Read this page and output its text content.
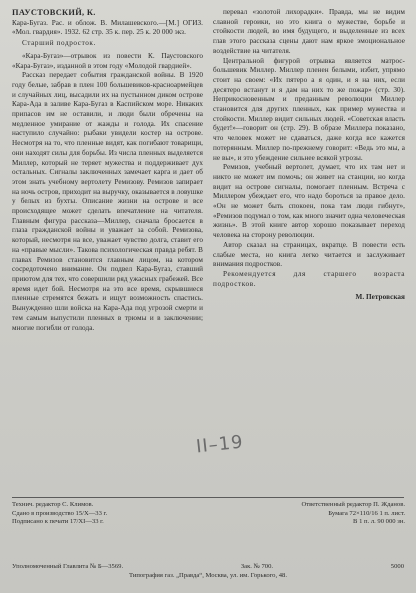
ПАУСТОВСКИЙ, К.

Кара-Бугаз. Рас. и облож. В. Милашевского.—[М.] ОГИЗ. «Мол. гвардия». 1932. 62 стр. 35 к. пер. 25 к. 20 000 экз.

Старший подросток.

«Кара-Бугаз»—отрывок из повести К. Паустовского «Кара-Бугаз», изданной в этом году «Молодой гвардией».

Рассказ передает события гражданской войны. В 1920 году белые, забрав в плен 100 большевиков-красноармейцев и случайных лиц, высадили их на пустынном диком острове Кара-Ада в заливе Кара-Бугаз в Каспийском море. Никаких припасов им не оставили, и люди были обречены на медленное умирание от жажды и голода. Их спасение наступило случайно: рыбаки увидели костер на острове. Несмотря на то, что пленные видят, как погибают товарищи, они находят силы для борьбы. Из числа пленных выделяется Миллер, который не теряет мужества и поддерживает дух остальных. Сигналы заключенных замечает карга и дает об этом знать учебному вертолету Ремизову. Ремизов запирает на ночь остров, приходит на выручку, оказывается в ловушке у белых из бухты. Описание жизни на острове и все происходящее может сделать впечатление на читателя. Главным фигура рассказа—Миллер, сначала бросается в глаза гражданской войны и уважает за собой. Ремизова, который, несмотря на все, уважает чувство долга, ставит его на «правые мысли». Такова психологическая правда ребят. В главах Ремизов становится главным лицом, на котором сосредоточено внимание. Он подвел Кара-Бугаз, ставший приютом для тех, что совершили ряд ужасных грабежей. Все время идет бой. Несмотря на это все время, скрывшиеся пленные стремятся бежать и ищут возможность спастись. Вынужденно шли войска на Кара-Ада под угрозой смерти и тем самым выпустили пленных в трюмы и в заключении; многие погибли от голода.

перевал «золотой лихорадки». Правда, мы не видим славной героики, но это книга о мужестве, борьбе и стойкости людей, во имя будущего, и выделенные из всех глав этого рассказа сцены дают нам яркое эмоциональное воздействие на читателя.

Центральной фигурой отрывка является матрос-большевик Миллер. Миллер пленен белыми, избит, упрямо стоит на своем: «Их пятеро а я один, и я на них, если десятеро встанут и я дам на них то же пожар» (стр. 30). Неприкосновенным и преданным революции Миллер становится для других пленных, как пример мужества и стойкости. Миллер видит сильных людей. «Советская власть будет!»—говорит он (стр. 29). В образе Миллера показано, что человек может не сдаваться, даже когда все кажется потерянным. Миллер по-прежнему говорит: «Ведь это мы, а не вы», и это убеждение сильнее всякой угрозы.

Ремизов, учебный вертолет, думает, что их там нет и никто не может им помочь; он живет на станции, но когда видит на острове сигналы, помогает пленным. Встреча с Миллером убеждает его, что надо бороться за правое дело. «Он не может быть спокоен, пока там люди гибнут», «Ремизов подумал о том, как много значит одна человеческая жизнь». В этой книге автор хорошо показывает переход человека на сторону революции.

Автор сказал на страницах, вкратце. В повести есть слабые места, но книга легко читается и заслуживает внимания подростков.

Рекомендуется для старшего возраста подростков.

М. Петровская

II–19
Технич. редактор С. Климов.
Сдано в производство 15/X—33 г.
Подписано к печати 17/XI—33 г.
Ответственный редактор П. Жданов.
Бумага 72×110/16 1 п. лист.
В 1 п. л. 90 000 зн.
Уполномоченный Главлита № Б—3569.	Зак. № 700.	5000
Типография газ. „Правда“, Москва, ул. им. Горького, 48.
